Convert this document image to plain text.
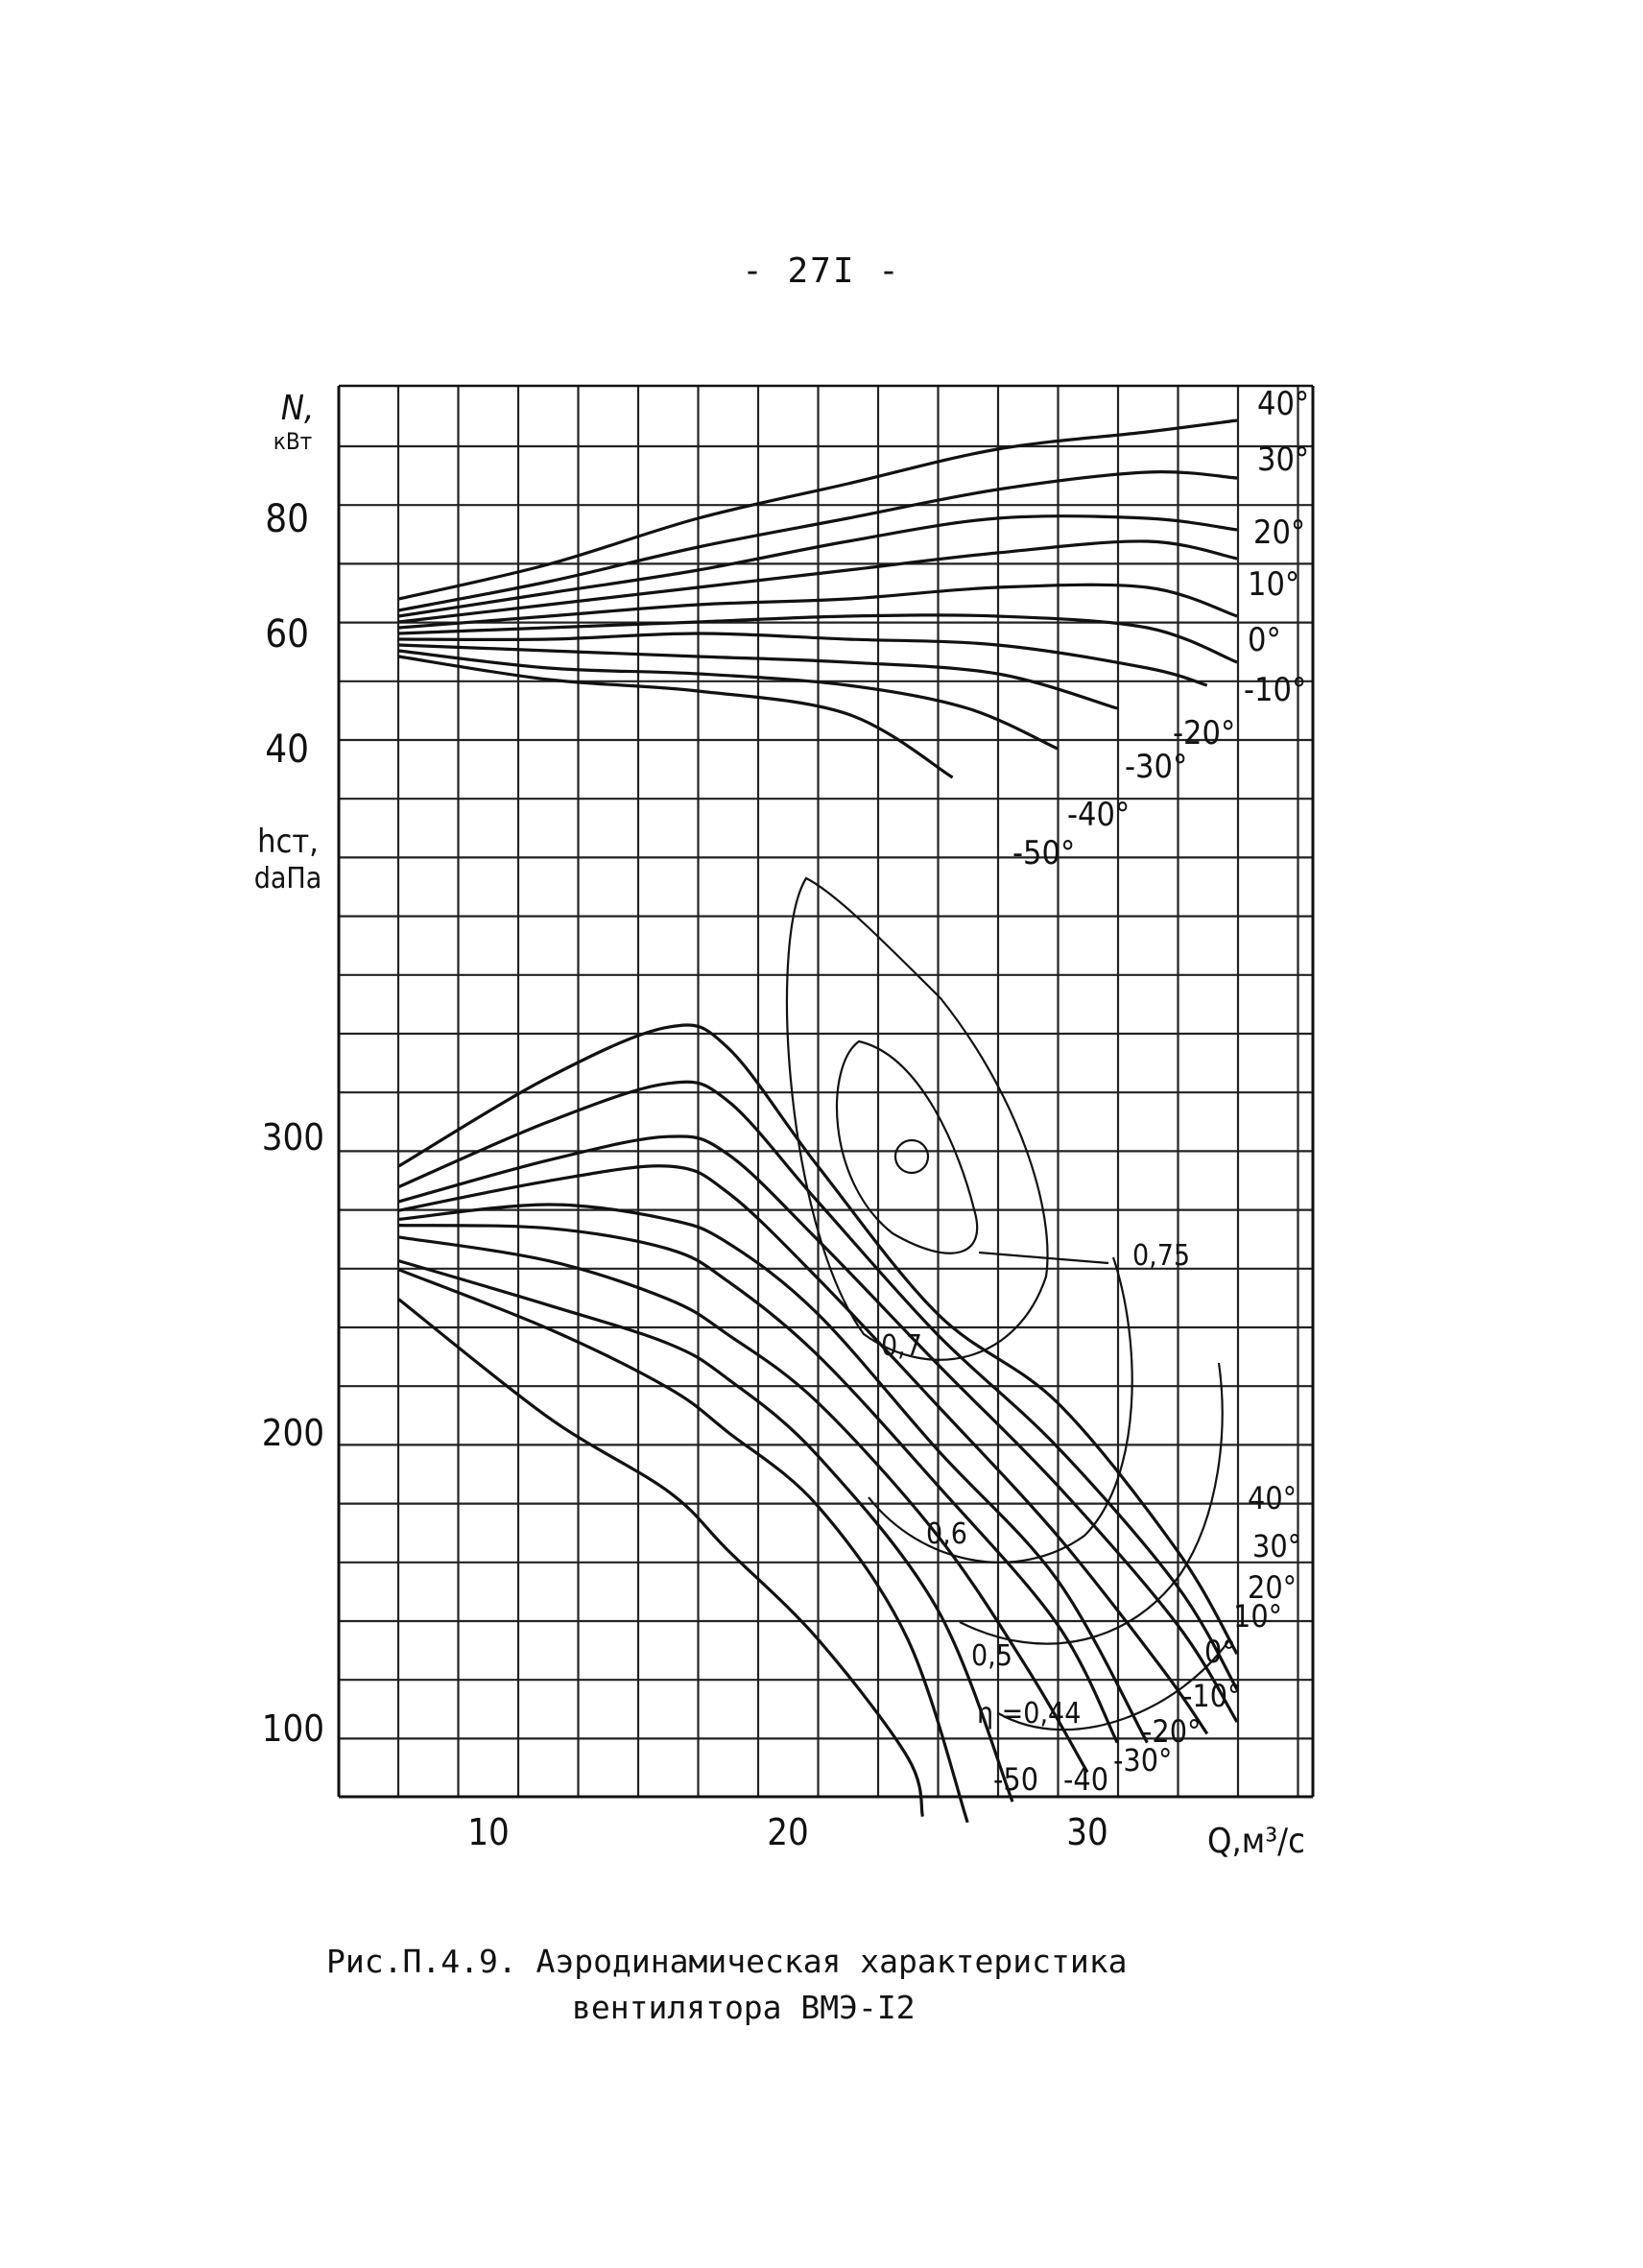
- 27I -
N,
кВт
hст,
daПa
40
60
80
100
200
300
10	20	30	Q,м³/с
0,75
0,7
0,6
0,5
η =0,44
40°
30°
20°
10°
0°
-10°
-20°
-30°
-40°
-50°
40°
30°
20°
10°
0°
-10°
-20°
-30°
-40
-50
Рис.П.4.9. Аэродинамическая характеристика
вентилятора ВМЭ-I2
